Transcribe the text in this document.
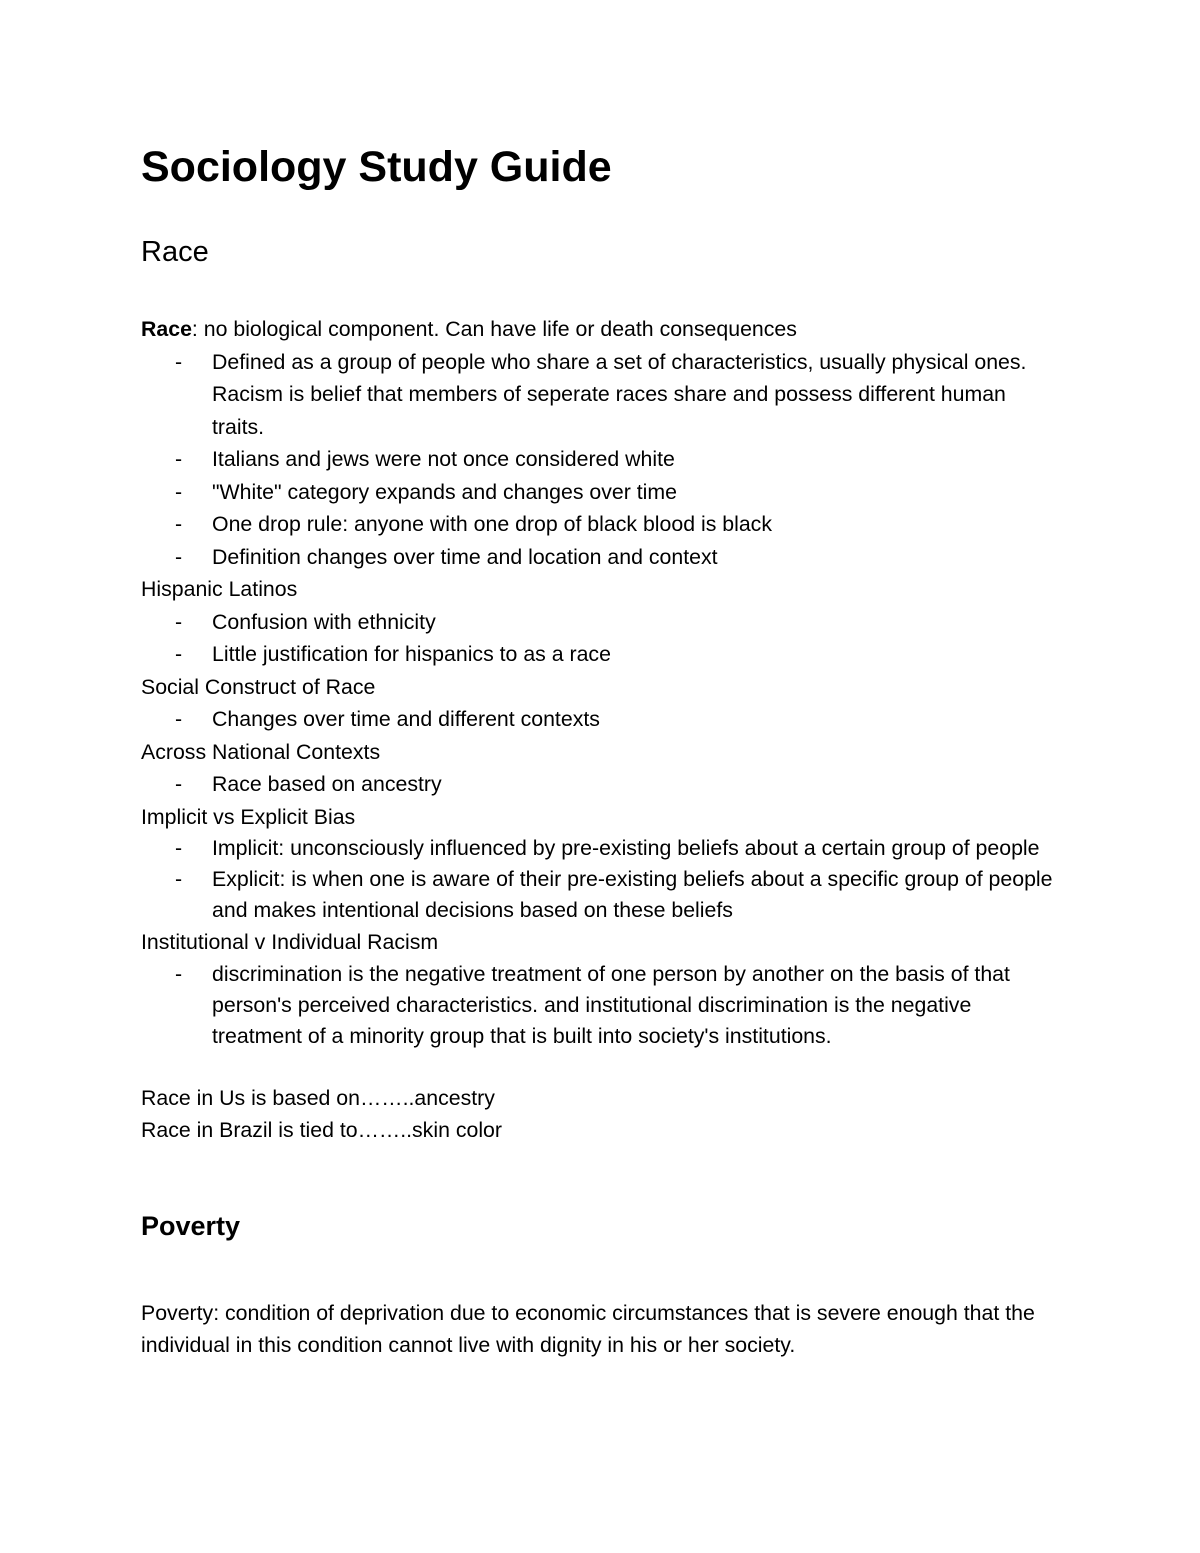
Sociology Study Guide
Race

Race: no biological component. Can have life or death consequences

- Defined as a group of people who share a set of characteristics, usually physical ones. Racism is belief that members of seperate races share and possess different human traits.
- Italians and jews were not once considered white
- "White" category expands and changes over time
- One drop rule: anyone with one drop of black blood is black
- Definition changes over time and location and context

Hispanic Latinos

- Confusion with ethnicity
- Little justification for hispanics to as a race

Social Construct of Race

- Changes over time and different contexts

Across National Contexts

- Race based on ancestry

Implicit vs Explicit Bias

- Implicit: unconsciously influenced by pre-existing beliefs about a certain group of people
- Explicit: is when one is aware of their pre-existing beliefs about a specific group of people and makes intentional decisions based on these beliefs

Institutional v Individual Racism

- discrimination is the negative treatment of one person by another on the basis of that person's perceived characteristics. and institutional discrimination is the negative treatment of a minority group that is built into society's institutions.

Race in Us is based on……..ancestry

Race in Brazil is tied to……..skin color

Poverty

Poverty: condition of deprivation due to economic circumstances that is severe enough that the individual in this condition cannot live with dignity in his or her society.
